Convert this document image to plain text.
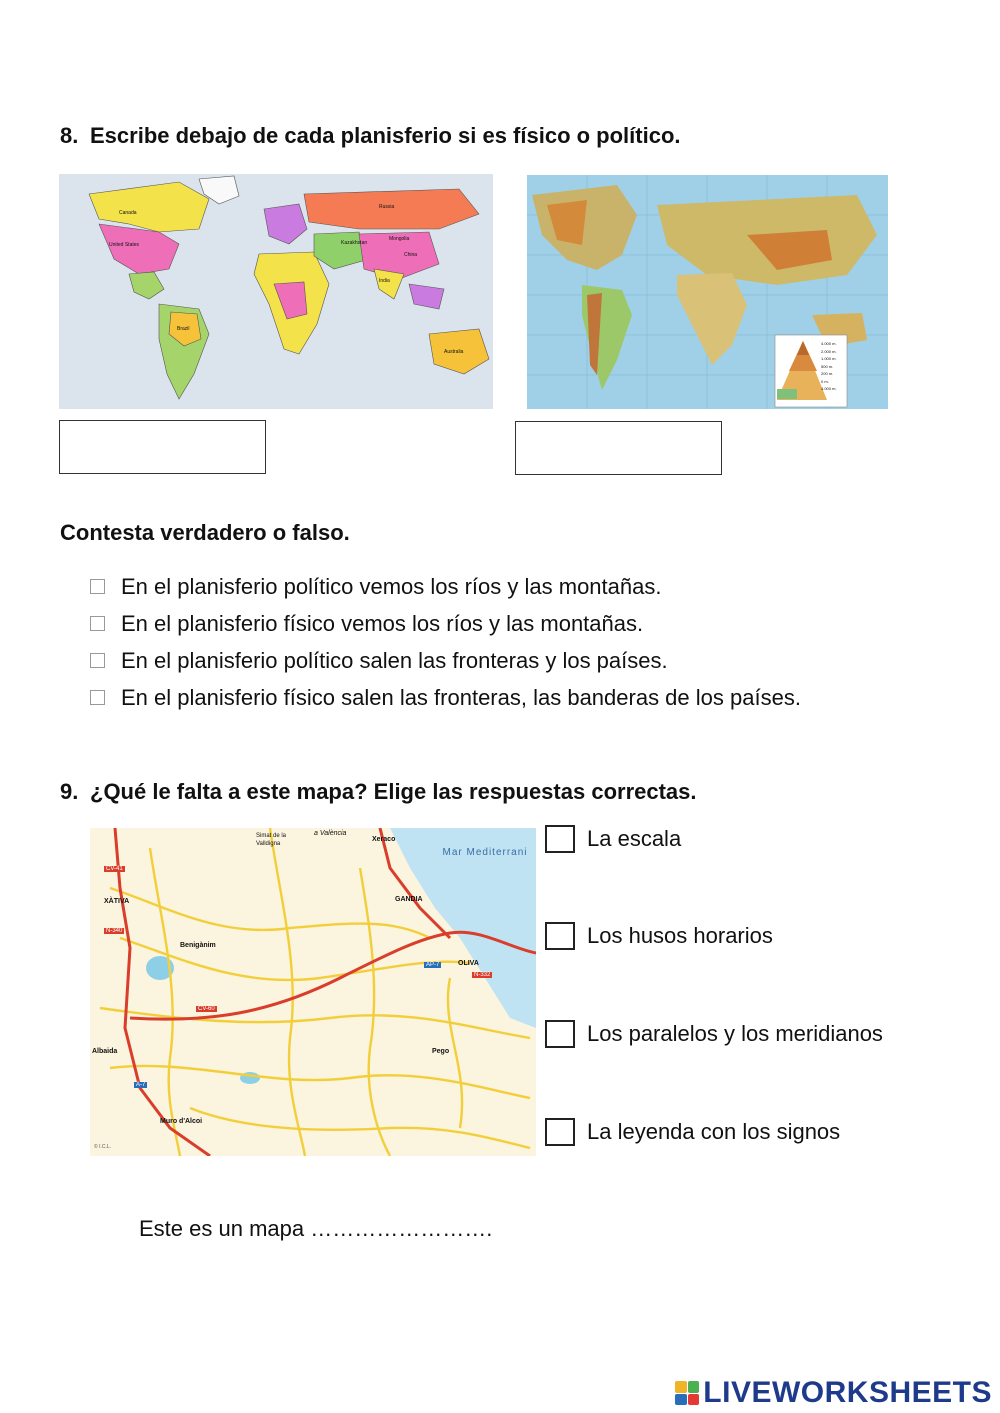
8. Escribe debajo de cada planisferio si es físico o político.
Canada
United States
Brazil
Russia
China
Australia
Kazakhstan
Mongolia
India
4.000 m.
2.000 m.
1.000 m.
500 m.
200 m.
0 m.
4.000 m.
Contesta verdadero o falso.
En el planisferio político vemos los ríos y las montañas.
En el planisferio físico vemos los ríos y las montañas.
En el planisferio político salen las fronteras y los países.
En el planisferio físico salen las fronteras, las banderas de los países.
9. ¿Qué le falta a este mapa? Elige las respuestas correctas.
Mar Mediterrani
a València
XÀTIVA	GANDIA
OLIVA
Benigànim
Albaida
Muro d'Alcoi
Pego
Xeraco
Simat de la Valldigna
CV-60
N-332
N-340
A-7
AP-7
CV-41
© I.C.L.
La escala
Los husos horarios
Los paralelos y los meridianos
La leyenda con los signos
Este es un mapa …………………….
LIVEWORKSHEETS
